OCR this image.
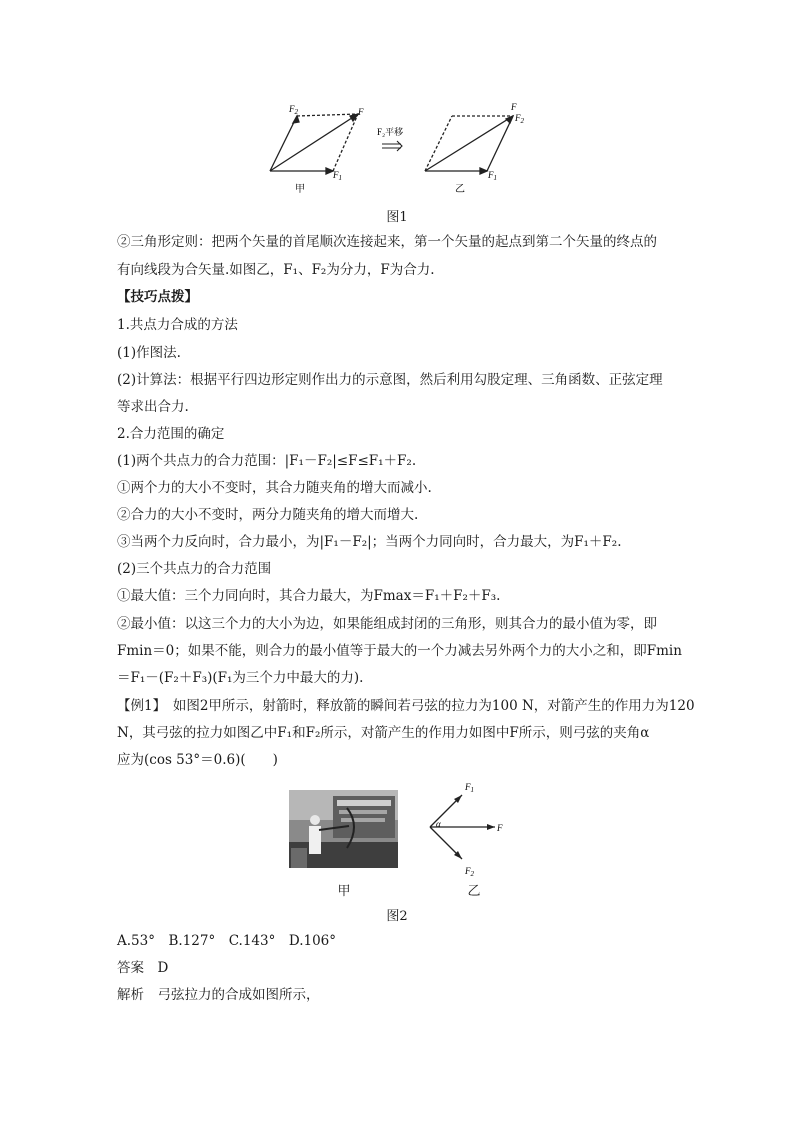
$F_2$	F
$F_1$
F
$F_2$
$F_1$
F₂平移
甲	乙
图1
②三角形定则：把两个矢量的首尾顺次连接起来，第一个矢量的起点到第二个矢量的终点的
有向线段为合矢量.如图乙，F₁、F₂为分力，F为合力.
【技巧点拨】
1.共点力合成的方法
(1)作图法.
(2)计算法：根据平行四边形定则作出力的示意图，然后利用勾股定理、三角函数、正弦定理
等求出合力.
2.合力范围的确定
(1)两个共点力的合力范围：|F₁－F₂|≤F≤F₁＋F₂.
①两个力的大小不变时，其合力随夹角的增大而减小.
②合力的大小不变时，两分力随夹角的增大而增大.
③当两个力反向时，合力最小，为|F₁－F₂|；当两个力同向时，合力最大，为F₁＋F₂.
(2)三个共点力的合力范围
①最大值：三个力同向时，其合力最大，为Fmax＝F₁＋F₂＋F₃.
②最小值：以这三个力的大小为边，如果能组成封闭的三角形，则其合力的最小值为零，即
Fmin＝0；如果不能，则合力的最小值等于最大的一个力减去另外两个力的大小之和，即Fmin
＝F₁－(F₂＋F₃)(F₁为三个力中最大的力).
【例1】　如图2甲所示，射箭时，释放箭的瞬间若弓弦的拉力为100 N，对箭产生的作用力为120
N，其弓弦的拉力如图乙中F₁和F₂所示，对箭产生的作用力如图中F所示，则弓弦的夹角α
应为(cos 53°＝0.6)(　　)
甲
$F_1$
F
$F_2$
α
乙
图2
A.53°　B.127°　C.143°　D.106°
答案　D
解析　弓弦拉力的合成如图所示，
